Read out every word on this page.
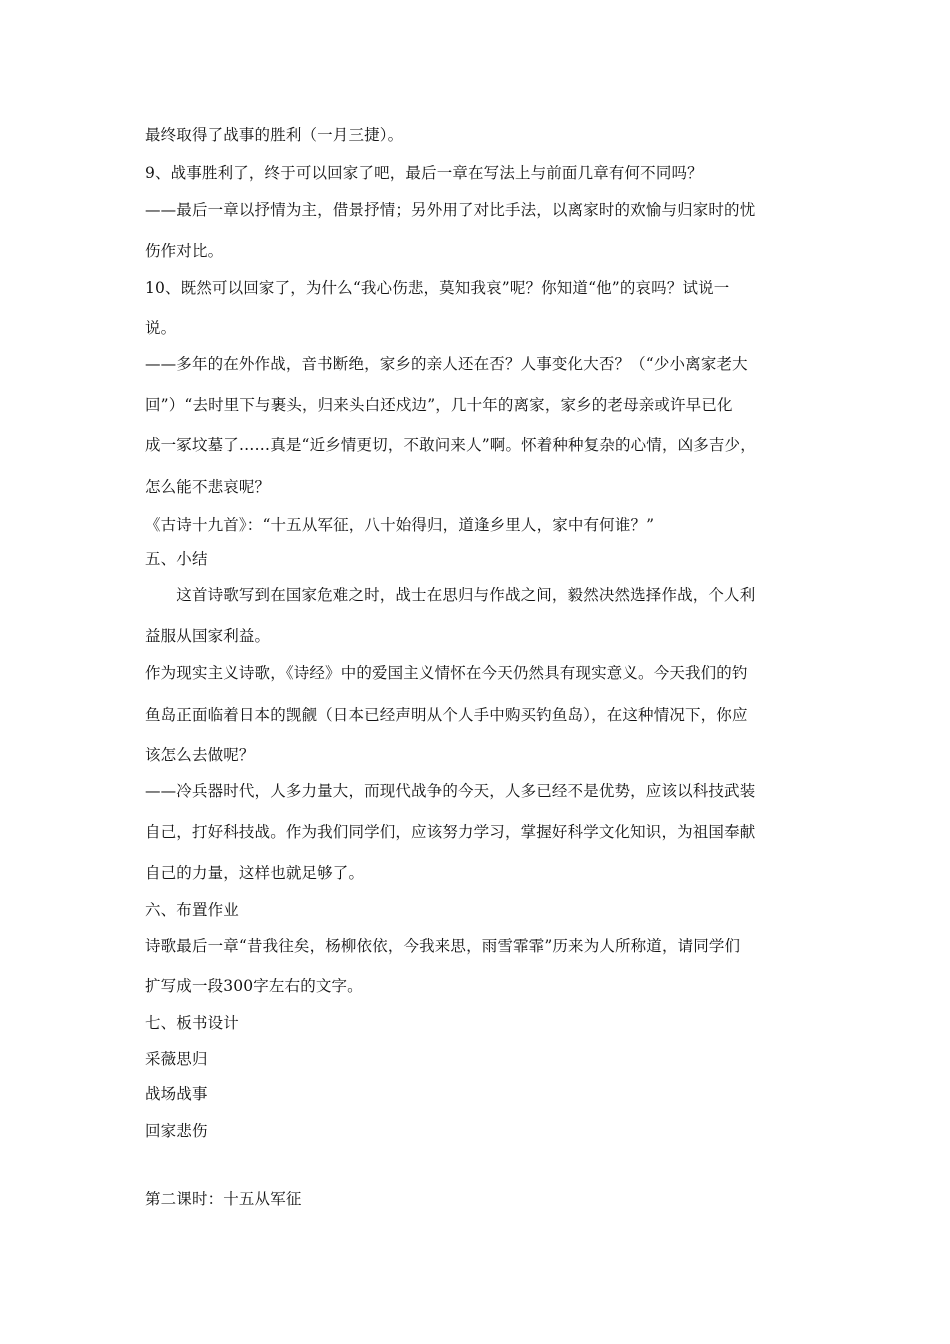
最终取得了战事的胜利（一月三捷）。
9、战事胜利了，终于可以回家了吧，最后一章在写法上与前面几章有何不同吗？
——最后一章以抒情为主，借景抒情；另外用了对比手法，以离家时的欢愉与归家时的忧
伤作对比。
10、既然可以回家了，为什么“我心伤悲，莫知我哀”呢？你知道“他”的哀吗？试说一
说。
——多年的在外作战，音书断绝，家乡的亲人还在否？人事变化大否？（“少小离家老大
回”）“去时里下与裹头，归来头白还戍边”，几十年的离家，家乡的老母亲或许早已化
成一冢坟墓了……真是“近乡情更切，不敢问来人”啊。怀着种种复杂的心情，凶多吉少，
怎么能不悲哀呢？
《古诗十九首》：“十五从军征，八十始得归，道逢乡里人，家中有何谁？”
五、小结
　　这首诗歌写到在国家危难之时，战士在思归与作战之间，毅然决然选择作战，个人利
益服从国家利益。
作为现实主义诗歌，《诗经》中的爱国主义情怀在今天仍然具有现实意义。今天我们的钓
鱼岛正面临着日本的觊觎（日本已经声明从个人手中购买钓鱼岛），在这种情况下，你应
该怎么去做呢？
——冷兵器时代，人多力量大，而现代战争的今天，人多已经不是优势，应该以科技武装
自己，打好科技战。作为我们同学们，应该努力学习，掌握好科学文化知识，为祖国奉献
自己的力量，这样也就足够了。
六、布置作业
诗歌最后一章“昔我往矣，杨柳依依，今我来思，雨雪霏霏”历来为人所称道，请同学们
扩写成一段300字左右的文字。
七、板书设计
采薇思归
战场战事
回家悲伤
第二课时：十五从军征
